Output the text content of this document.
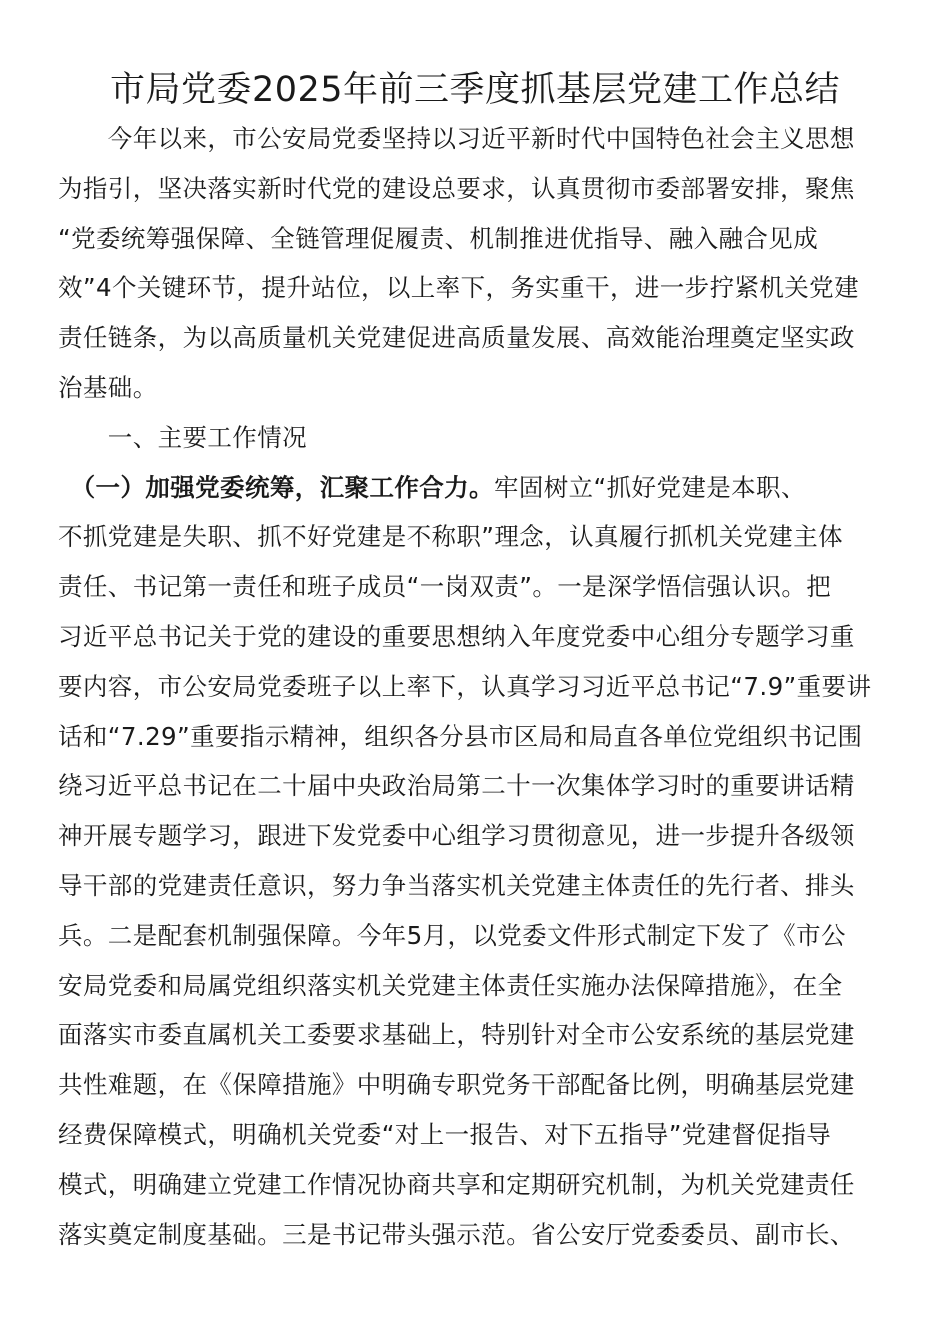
市局党委2025年前三季度抓基层党建工作总结
　　今年以来，市公安局党委坚持以习近平新时代中国特色社会主义思想
为指引，坚决落实新时代党的建设总要求，认真贯彻市委部署安排，聚焦
“党委统筹强保障、全链管理促履责、机制推进优指导、融入融合见成
效”4个关键环节，提升站位，以上率下，务实重干，进一步拧紧机关党建
责任链条，为以高质量机关党建促进高质量发展、高效能治理奠定坚实政
治基础。
　　一、主要工作情况
　（一）加强党委统筹，汇聚工作合力。牢固树立“抓好党建是本职、
不抓党建是失职、抓不好党建是不称职”理念，认真履行抓机关党建主体
责任、书记第一责任和班子成员“一岗双责”。一是深学悟信强认识。把
习近平总书记关于党的建设的重要思想纳入年度党委中心组分专题学习重
要内容，市公安局党委班子以上率下，认真学习习近平总书记“7.9”重要讲
话和“7.29”重要指示精神，组织各分县市区局和局直各单位党组织书记围
绕习近平总书记在二十届中央政治局第二十一次集体学习时的重要讲话精
神开展专题学习，跟进下发党委中心组学习贯彻意见，进一步提升各级领
导干部的党建责任意识，努力争当落实机关党建主体责任的先行者、排头
兵。二是配套机制强保障。今年5月，以党委文件形式制定下发了《市公
安局党委和局属党组织落实机关党建主体责任实施办法保障措施》，在全
面落实市委直属机关工委要求基础上，特别针对全市公安系统的基层党建
共性难题，在《保障措施》中明确专职党务干部配备比例，明确基层党建
经费保障模式，明确机关党委“对上一报告、对下五指导”党建督促指导
模式，明确建立党建工作情况协商共享和定期研究机制，为机关党建责任
落实奠定制度基础。三是书记带头强示范。省公安厅党委委员、副市长、
